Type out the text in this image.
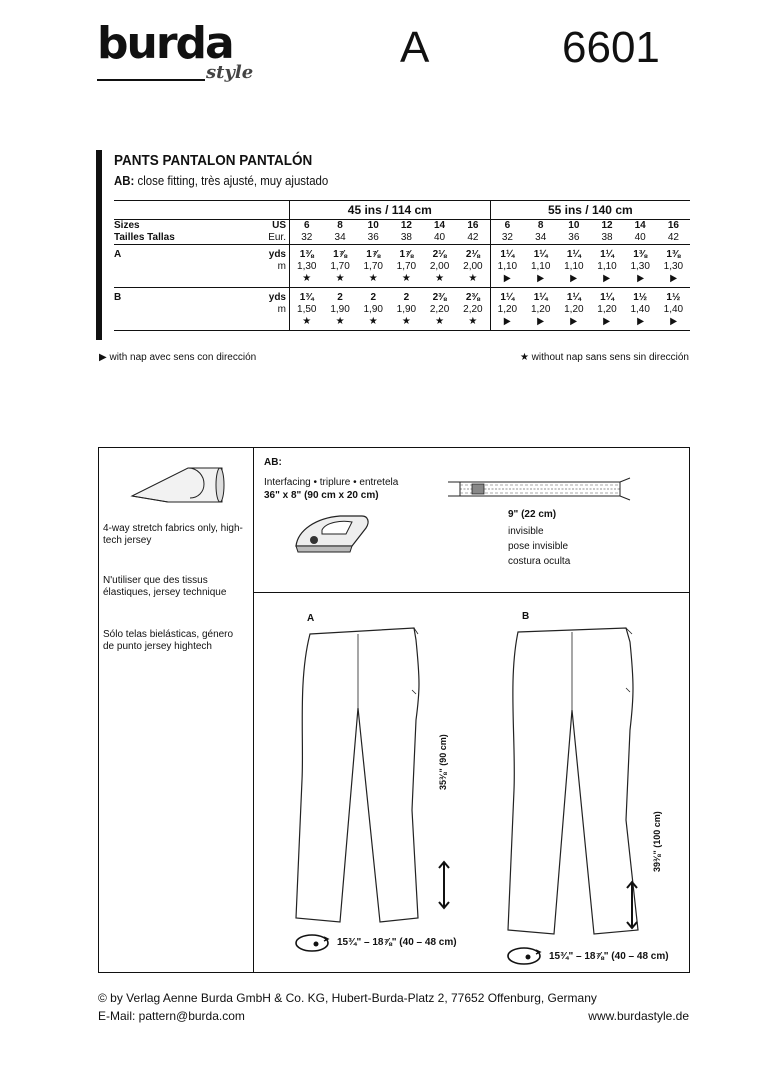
burda
style
A	6601
PANTS PANTALON PANTALÓN
AB: close fitting, très ajusté, muy ajustado
		45 ins / 114 cm						55 ins / 140 cm					
Sizes	US	6	8	10	12	14	16	6	8	10	12	14	16
Tailles Tallas	Eur.	32	34	36	38	40	42	32	34	36	38	40	42
A	yds	1⅜	1⅞	1⅞	1⅞	2⅛	2⅛	1¼	1¼	1¼	1¼	1⅜	1⅜
	m	1,30	1,70	1,70	1,70	2,00	2,00	1,10	1,10	1,10	1,10	1,30	1,30
		★	★	★	★	★	★	▶	▶	▶	▶	▶	▶
B	yds	1¾	2	2	2	2⅜	2⅜	1¼	1¼	1¼	1¼	1½	1½
	m	1,50	1,90	1,90	1,90	2,20	2,20	1,20	1,20	1,20	1,20	1,40	1,40
		★	★	★	★	★	★	▶	▶	▶	▶	▶	▶
▶ with nap avec sens con dirección	★ without nap sans sens sin dirección
4-way stretch fabrics only, high-tech jersey
N'utiliser que des tissus élastiques, jersey technique
Sólo telas bielásticas, género de punto jersey hightech
AB:
Interfacing • triplure • entretela
36" x 8" (90 cm x 20 cm)
9" (22 cm)
invisible
pose invisible
costura oculta
A
35⅜" (90 cm)
15¾" – 18⅞" (40 – 48 cm)
B
39⅜" (100 cm)
15¾" – 18⅞" (40 – 48 cm)
© by Verlag Aenne Burda GmbH & Co. KG, Hubert-Burda-Platz 2, 77652 Offenburg, Germany
E-Mail: pattern@burda.com	www.burdastyle.de
